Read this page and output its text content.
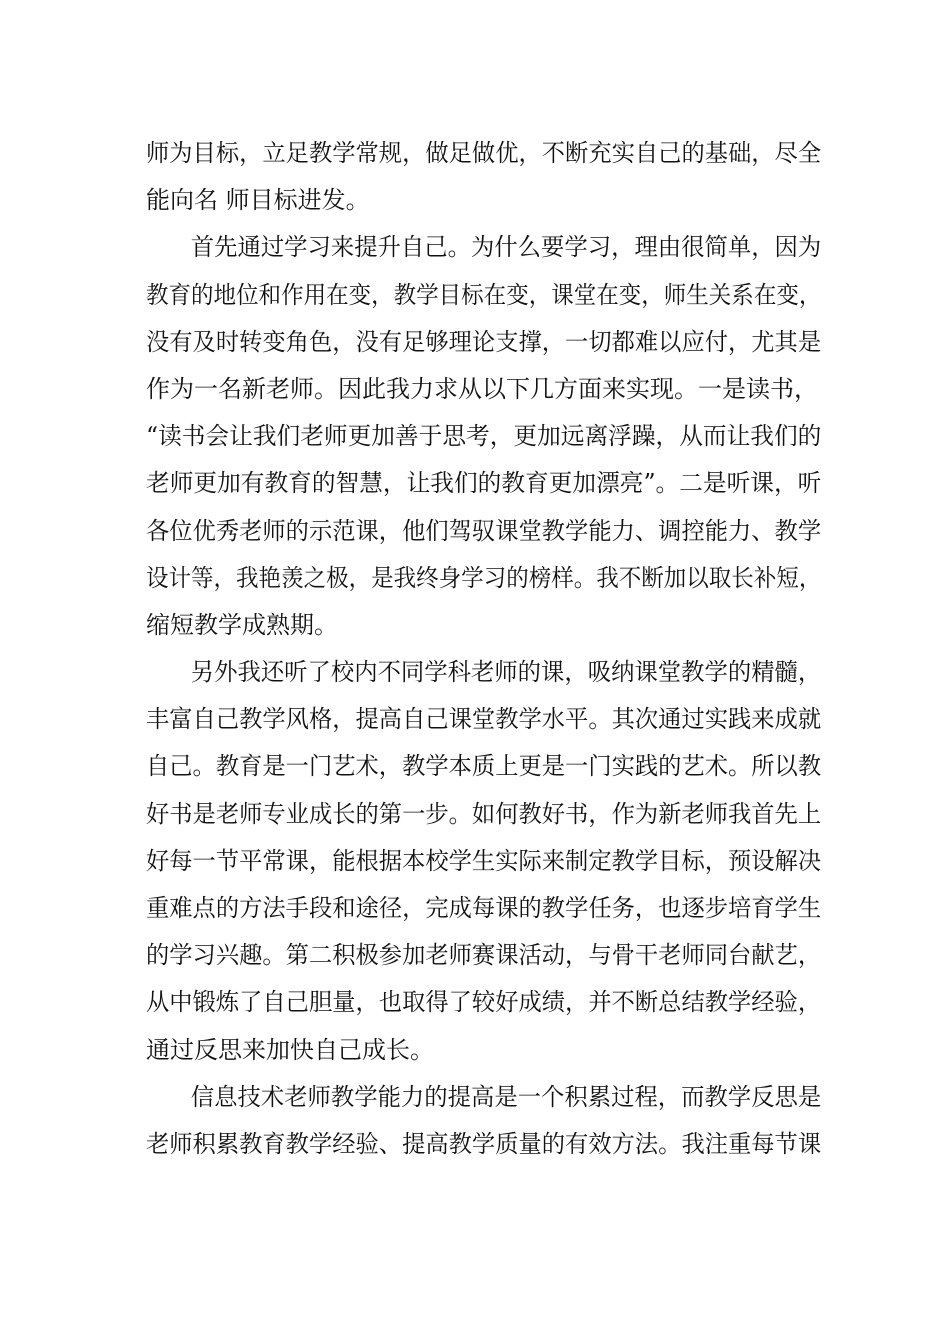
师为目标，立足教学常规，做足做优，不断充实自己的基础，尽全
能向名 师目标进发。
首先通过学习来提升自己。为什么要学习，理由很简单，因为
教育的地位和作用在变，教学目标在变，课堂在变，师生关系在变，
没有及时转变角色，没有足够理论支撑，一切都难以应付，尤其是
作为一名新老师。因此我力求从以下几方面来实现。一是读书，
“读书会让我们老师更加善于思考，更加远离浮躁，从而让我们的
老师更加有教育的智慧，让我们的教育更加漂亮”。二是听课，听
各位优秀老师的示范课，他们驾驭课堂教学能力、调控能力、教学
设计等，我艳羡之极，是我终身学习的榜样。我不断加以取长补短，
缩短教学成熟期。
另外我还听了校内不同学科老师的课，吸纳课堂教学的精髓，
丰富自己教学风格，提高自己课堂教学水平。其次通过实践来成就
自己。教育是一门艺术，教学本质上更是一门实践的艺术。所以教
好书是老师专业成长的第一步。如何教好书，作为新老师我首先上
好每一节平常课，能根据本校学生实际来制定教学目标，预设解决
重难点的方法手段和途径，完成每课的教学任务，也逐步培育学生
的学习兴趣。第二积极参加老师赛课活动，与骨干老师同台献艺，
从中锻炼了自己胆量，也取得了较好成绩，并不断总结教学经验，
通过反思来加快自己成长。
信息技术老师教学能力的提高是一个积累过程，而教学反思是
老师积累教育教学经验、提高教学质量的有效方法。我注重每节课
